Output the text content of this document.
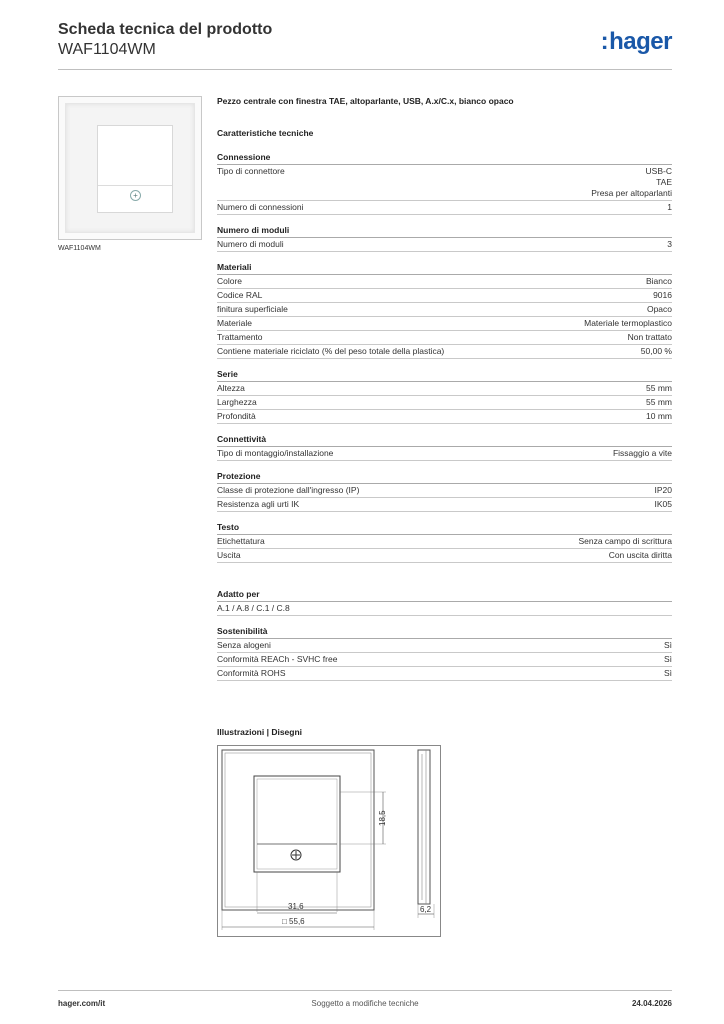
Scheda tecnica del prodotto
WAF1104WM	:hager
+
WAF1104WM
Pezzo centrale con finestra TAE, altoparlante, USB, A.x/C.x, bianco opaco
Caratteristiche tecniche
Connessione
Tipo di connettore	USB-C
TAE
Presa per altoparlanti
Numero di connessioni	1
Numero di moduli
Numero di moduli	3
Materiali
Colore	Bianco
Codice RAL	9016
finitura superficiale	Opaco
Materiale	Materiale termoplastico
Trattamento	Non trattato
Contiene materiale riciclato (% del peso totale della plastica)	50,00 %
Serie
Altezza	55 mm
Larghezza	55 mm
Profondità	10 mm
Connettività
Tipo di montaggio/installazione	Fissaggio a vite
Protezione
Classe di protezione dall'ingresso (IP)	IP20
Resistenza agli urti IK	IK05
Testo
Etichettatura	Senza campo di scrittura
Uscita	Con uscita diritta
Adatto per
A.1 / A.8 / C.1 / C.8
Sostenibilità
Senza alogeni	Sì
Conformità REACh - SVHC free	Sì
Conformità ROHS	Sì
Illustrazioni | Disegni
18,5
31,6
□ 55,6
6,2
hager.com/it	Soggetto a modifiche tecniche	24.04.2026
